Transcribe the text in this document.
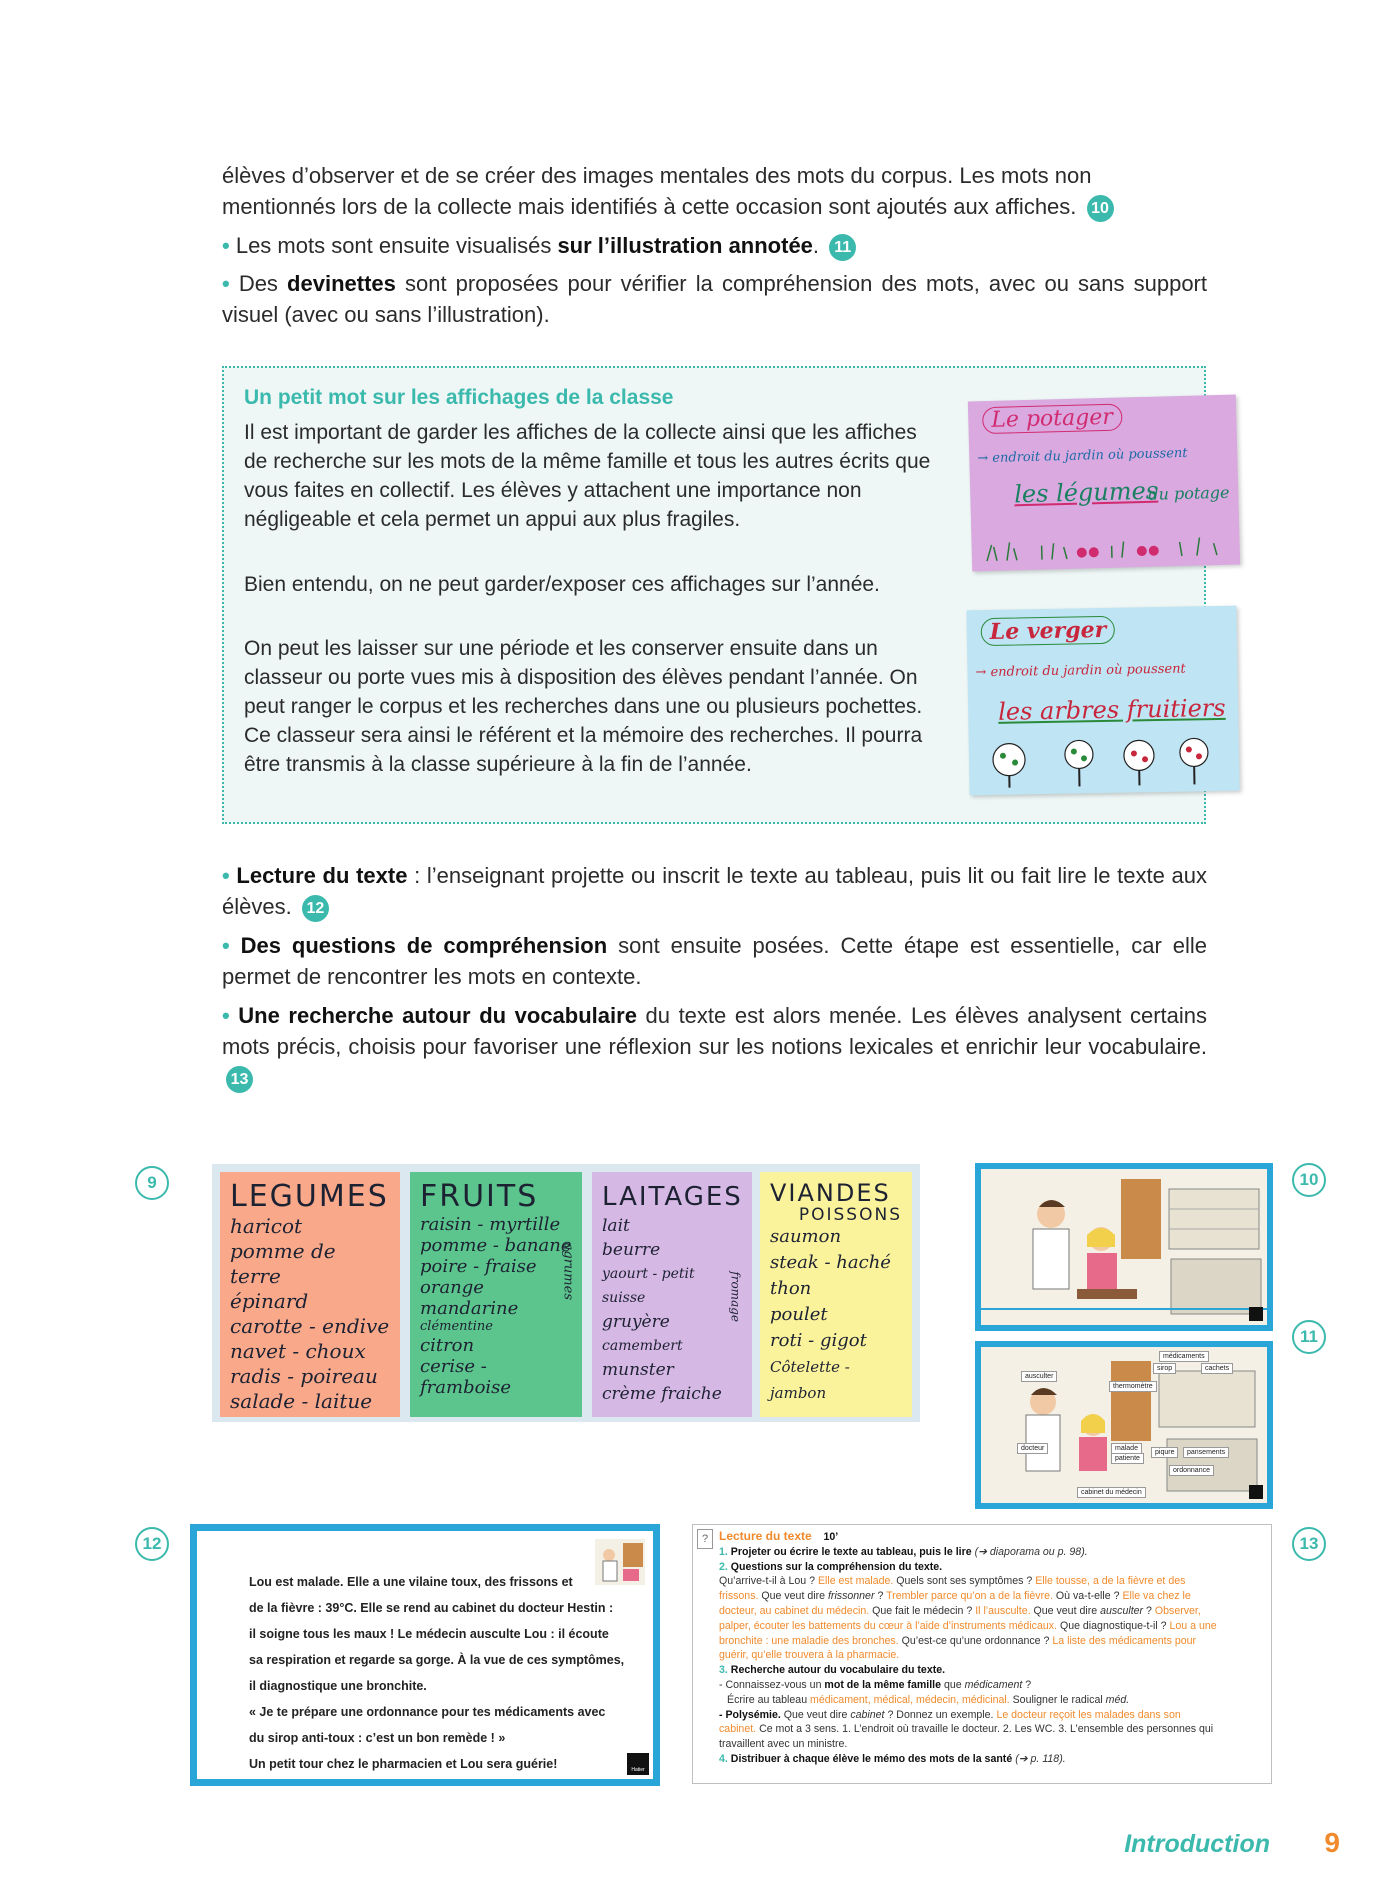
élèves d’observer et de se créer des images mentales des mots du corpus. Les mots non
mentionnés lors de la collecte mais identifiés à cette occasion sont ajoutés aux affiches. 10
• Les mots sont ensuite visualisés sur l’illustration annotée. 11
• Des devinettes sont proposées pour vérifier la compréhension des mots, avec ou sans support visuel (avec ou sans l’illustration).
Un petit mot sur les affichages de la classe
Il est important de garder les affiches de la collecte ainsi que les affiches de recherche sur les mots de la même famille et tous les autres écrits que vous faites en collectif. Les élèves y attachent une importance non négligeable et cela permet un appui aux plus fragiles.
Bien entendu, on ne peut garder/exposer ces affichages sur l’année.
On peut les laisser sur une période et les conserver ensuite dans un classeur ou porte vues mis à disposition des élèves pendant l’année. On peut ranger le corpus et les recherches dans une ou plusieurs pochettes. Ce classeur sera ainsi le référent et la mémoire des recherches. Il pourra être transmis à la classe supérieure à la fin de l’année.
Le potager
→ endroit du jardin où poussent
les légumes
du potage
Le verger
→ endroit du jardin où poussent
les arbres fruitiers
• Lecture du texte : l’enseignant projette ou inscrit le texte au tableau, puis lit ou fait lire le texte aux élèves. 12
• Des questions de compréhension sont ensuite posées. Cette étape est essentielle, car elle permet de rencontrer les mots en contexte.
• Une recherche autour du vocabulaire du texte est alors menée. Les élèves analysent certains mots précis, choisis pour favoriser une réflexion sur les notions lexicales et enrichir leur vocabulaire. 13
9	10
11
12	13
LEGUMES
haricot
pomme de terre
épinard
carotte - endive
navet - choux
radis - poireau
salade - laitue
FRUITS
raisin - myrtille
pomme - banane
poire - fraise
orange
mandarine
clémentine
citron
cerise - framboise
agrumes
LAITAGES
lait
beurre
yaourt - petit suisse
gruyère
camembert
munster
crème fraiche
fromage
VIANDES
POISSONS
saumon
steak - haché
thon
poulet
roti - gigot
Côtelette - jambon
médicaments
sirop	cachets
ausculter
thermomètre
docteur	malade
patiente
piqure	pansements
ordonnance
cabinet du médecin
Lou est malade. Elle a une vilaine toux, des frissons et
de la fièvre : 39°C. Elle se rend au cabinet du docteur Hestin :
il soigne tous les maux ! Le médecin ausculte Lou : il écoute
sa respiration et regarde sa gorge. À la vue de ces symptômes,
il diagnostique une bronchite.
« Je te prépare une ordonnance pour tes médicaments avec
du sirop anti-toux : c’est un bon remède ! »
Un petit tour chez le pharmacien et Lou sera guérie!	Hatier
? Lecture du texte 10’
1. Projeter ou écrire le texte au tableau, puis le lire (➔ diaporama ou p. 98).
2. Questions sur la compréhension du texte.
Qu’arrive-t-il à Lou ? Elle est malade. Quels sont ses symptômes ? Elle tousse, a de la fièvre et des frissons. Que veut dire frissonner ? Trembler parce qu’on a de la fièvre. Où va-t-elle ? Elle va chez le docteur, au cabinet du médecin. Que fait le médecin ? Il l’ausculte. Que veut dire ausculter ? Observer, palper, écouter les battements du cœur à l’aide d’instruments médicaux. Que diagnostique-t-il ? Lou a une bronchite : une maladie des bronches. Qu’est-ce qu’une ordonnance ? La liste des médicaments pour guérir, qu’elle trouvera à la pharmacie.
3. Recherche autour du vocabulaire du texte.
- Connaissez-vous un mot de la même famille que médicament ?
Écrire au tableau médicament, médical, médecin, médicinal. Souligner le radical méd.
- Polysémie. Que veut dire cabinet ? Donnez un exemple. Le docteur reçoit les malades dans son cabinet. Ce mot a 3 sens. 1. L’endroit où travaille le docteur. 2. Les WC. 3. L’ensemble des personnes qui travaillent avec un ministre.
4. Distribuer à chaque élève le mémo des mots de la santé (➔ p. 118).
Introduction 9
